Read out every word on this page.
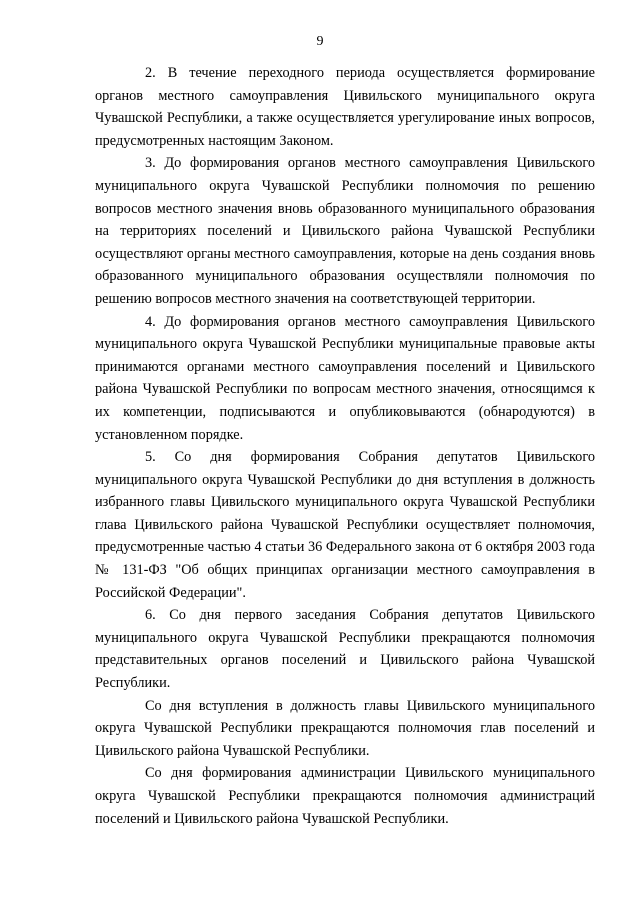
9

2. В течение переходного периода осуществляется формирование органов местного самоуправления Цивильского муниципального округа Чувашской Республики, а также осуществляется урегулирование иных вопросов, предусмотренных настоящим Законом.

3. До формирования органов местного самоуправления Цивильского муниципального округа Чувашской Республики полномочия по решению вопросов местного значения вновь образованного муниципального образования на территориях поселений и Цивильского района Чувашской Республики осуществляют органы местного самоуправления, которые на день создания вновь образованного муниципального образования осуществляли полномочия по решению вопросов местного значения на соответствующей территории.

4. До формирования органов местного самоуправления Цивильского муниципального округа Чувашской Республики муниципальные правовые акты принимаются органами местного самоуправления поселений и Цивильского района Чувашской Республики по вопросам местного значения, относящимся к их компетенции, подписываются и опубликовываются (обнародуются) в установленном порядке.

5. Со дня формирования Собрания депутатов Цивильского муниципального округа Чувашской Республики до дня вступления в должность избранного главы Цивильского муниципального округа Чувашской Республики глава Цивильского района Чувашской Республики осуществляет полномочия, предусмотренные частью 4 статьи 36 Федерального закона от 6 октября 2003 года № 131-ФЗ "Об общих принципах организации местного самоуправления в Российской Федерации".

6. Со дня первого заседания Собрания депутатов Цивильского муниципального округа Чувашской Республики прекращаются полномочия представительных органов поселений и Цивильского района Чувашской Республики.

Со дня вступления в должность главы Цивильского муниципального округа Чувашской Республики прекращаются полномочия глав поселений и Цивильского района Чувашской Республики.

Со дня формирования администрации Цивильского муниципального округа Чувашской Республики прекращаются полномочия администраций поселений и Цивильского района Чувашской Республики.
